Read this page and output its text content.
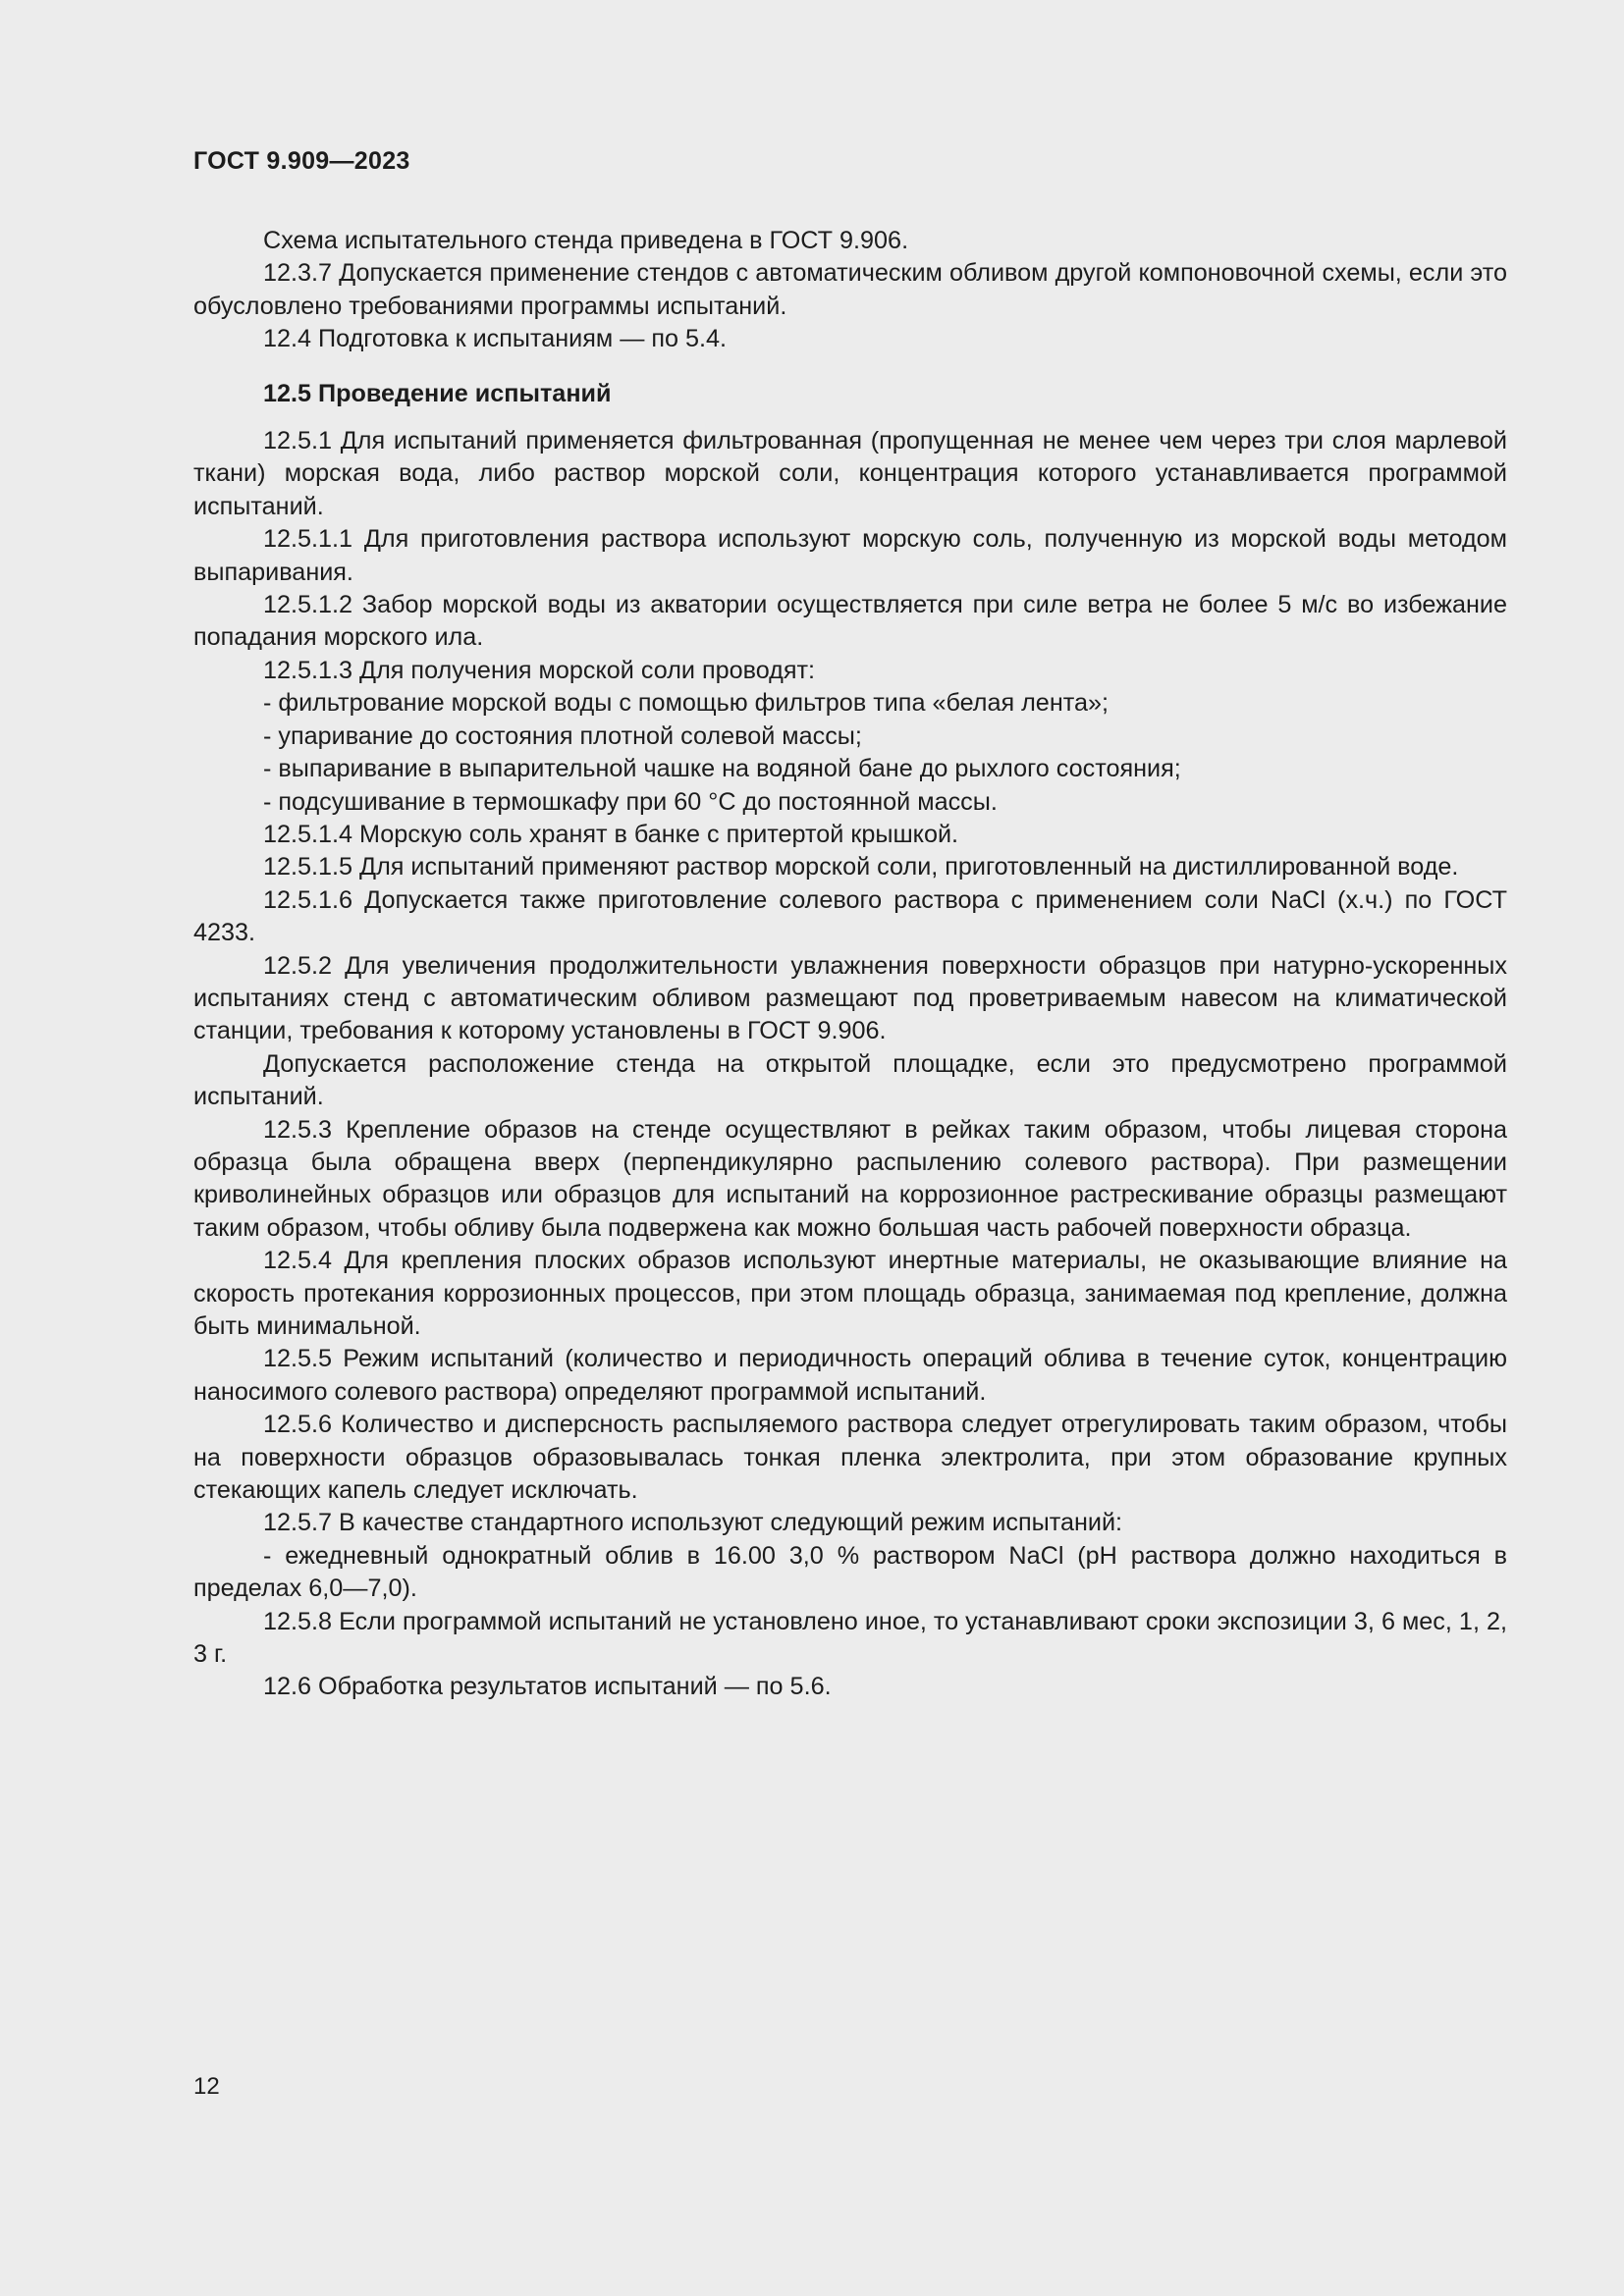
ГОСТ 9.909—2023

Схема испытательного стенда приведена в ГОСТ 9.906.

12.3.7 Допускается применение стендов с автоматическим обливом другой компоновочной схемы, если это обусловлено требованиями программы испытаний.

12.4 Подготовка к испытаниям — по 5.4.

12.5 Проведение испытаний

12.5.1 Для испытаний применяется фильтрованная (пропущенная не менее чем через три слоя марлевой ткани) морская вода, либо раствор морской соли, концентрация которого устанавливается программой испытаний.

12.5.1.1 Для приготовления раствора используют морскую соль, полученную из морской воды методом выпаривания.

12.5.1.2 Забор морской воды из акватории осуществляется при силе ветра не более 5 м/с во избежание попадания морского ила.

12.5.1.3 Для получения морской соли проводят:

- фильтрование морской воды с помощью фильтров типа «белая лента»;

- упаривание до состояния плотной солевой массы;

- выпаривание в выпарительной чашке на водяной бане до рыхлого состояния;

- подсушивание в термошкафу при 60 °С до постоянной массы.

12.5.1.4 Морскую соль хранят в банке с притертой крышкой.

12.5.1.5 Для испытаний применяют раствор морской соли, приготовленный на дистиллированной воде.

12.5.1.6 Допускается также приготовление солевого раствора с применением соли NaCl (х.ч.) по ГОСТ 4233.

12.5.2 Для увеличения продолжительности увлажнения поверхности образцов при натурно-ускоренных испытаниях стенд с автоматическим обливом размещают под проветриваемым навесом на климатической станции, требования к которому установлены в ГОСТ 9.906.

Допускается расположение стенда на открытой площадке, если это предусмотрено программой испытаний.

12.5.3 Крепление образов на стенде осуществляют в рейках таким образом, чтобы лицевая сторона образца была обращена вверх (перпендикулярно распылению солевого раствора). При размещении криволинейных образцов или образцов для испытаний на коррозионное растрескивание образцы размещают таким образом, чтобы обливу была подвержена как можно большая часть рабочей поверхности образца.

12.5.4 Для крепления плоских образов используют инертные материалы, не оказывающие влияние на скорость протекания коррозионных процессов, при этом площадь образца, занимаемая под крепление, должна быть минимальной.

12.5.5 Режим испытаний (количество и периодичность операций облива в течение суток, концентрацию наносимого солевого раствора) определяют программой испытаний.

12.5.6 Количество и дисперсность распыляемого раствора следует отрегулировать таким образом, чтобы на поверхности образцов образовывалась тонкая пленка электролита, при этом образование крупных стекающих капель следует исключать.

12.5.7 В качестве стандартного используют следующий режим испытаний:

- ежедневный однократный облив в 16.00 3,0 % раствором NaCl (pH раствора должно находиться в пределах 6,0—7,0).

12.5.8 Если программой испытаний не установлено иное, то устанавливают сроки экспозиции 3, 6 мес, 1, 2, 3 г.

12.6 Обработка результатов испытаний — по 5.6.

12
